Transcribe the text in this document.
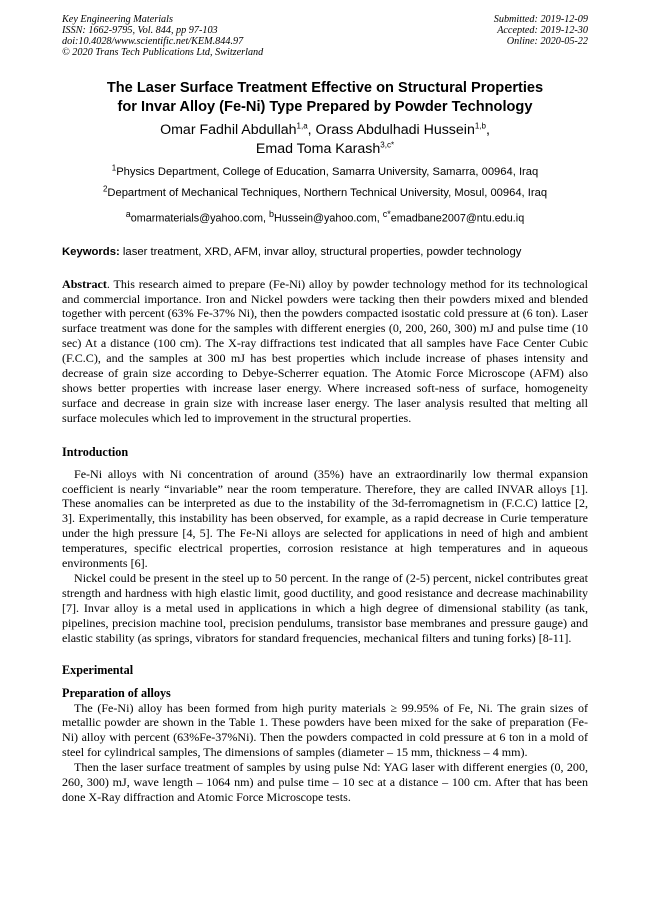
Key Engineering Materials
ISSN: 1662-9795, Vol. 844, pp 97-103
doi:10.4028/www.scientific.net/KEM.844.97
© 2020 Trans Tech Publications Ltd, Switzerland
Submitted: 2019-12-09
Accepted: 2019-12-30
Online: 2020-05-22
The Laser Surface Treatment Effective on Structural Properties
for Invar Alloy (Fe-Ni) Type Prepared by Powder Technology
Omar Fadhil Abdullah$^{1,a}$, Orass Abdulhadi Hussein$^{1,b}$,
Emad Toma Karash$^{3,c*}$
$^1$Physics Department, College of Education, Samarra University, Samarra, 00964, Iraq
$^2$Department of Mechanical Techniques, Northern Technical University, Mosul, 00964, Iraq
$^a$omarmaterials@yahoo.com, $^b$Hussein@yahoo.com, $^{c*}$emadbane2007@ntu.edu.iq
Keywords: laser treatment, XRD, AFM, invar alloy, structural properties, powder technology
Abstract. This research aimed to prepare (Fe-Ni) alloy by powder technology method for its technological and commercial importance. Iron and Nickel powders were tacking then their powders mixed and blended together with percent (63% Fe-37% Ni), then the powders compacted isostatic cold pressure at (6 ton). Laser surface treatment was done for the samples with different energies (0, 200, 260, 300) mJ and pulse time (10 sec) At a distance (100 cm). The X-ray diffractions test indicated that all samples have Face Center Cubic (F.C.C), and the samples at 300 mJ has best properties which include increase of phases intensity and decrease of grain size according to Debye-Scherrer equation. The Atomic Force Microscope (AFM) also shows better properties with increase laser energy. Where increased soft-ness of surface, homogeneity surface and decrease in grain size with increase laser energy. The laser analysis resulted that melting all surface molecules which led to improvement in the structural properties.
Introduction

Fe-Ni alloys with Ni concentration of around (35%) have an extraordinarily low thermal expansion coefficient is nearly “invariable” near the room temperature. Therefore, they are called INVAR alloys [1]. These anomalies can be interpreted as due to the instability of the 3d-ferromagnetism in (F.C.C) lattice [2, 3]. Experimentally, this instability has been observed, for example, as a rapid decrease in Curie temperature under the high pressure [4, 5]. The Fe-Ni alloys are selected for applications in need of high and ambient temperatures, specific electrical properties, corrosion resistance at high temperatures and in aqueous environments [6].

Nickel could be present in the steel up to 50 percent. In the range of (2-5) percent, nickel contributes great strength and hardness with high elastic limit, good ductility, and good resistance and decrease machinability [7]. Invar alloy is a metal used in applications in which a high degree of dimensional stability (as tank, pipelines, precision machine tool, precision pendulums, transistor base membranes and pressure gauge) and elastic stability (as springs, vibrators for standard frequencies, mechanical filters and tuning forks) [8-11].

Experimental
Preparation of alloys

The (Fe-Ni) alloy has been formed from high purity materials ≥ 99.95% of Fe, Ni. The grain sizes of metallic powder are shown in the Table 1. These powders have been mixed for the sake of preparation (Fe-Ni) alloy with percent (63%Fe-37%Ni). Then the powders compacted in cold pressure at 6 ton in a mold of steel for cylindrical samples, The dimensions of samples (diameter – 15 mm, thickness – 4 mm).

Then the laser surface treatment of samples by using pulse Nd: YAG laser with different energies (0, 200, 260, 300) mJ, wave length – 1064 nm) and pulse time – 10 sec at a distance – 100 cm. After that has been done X-Ray diffraction and Atomic Force Microscope tests.
